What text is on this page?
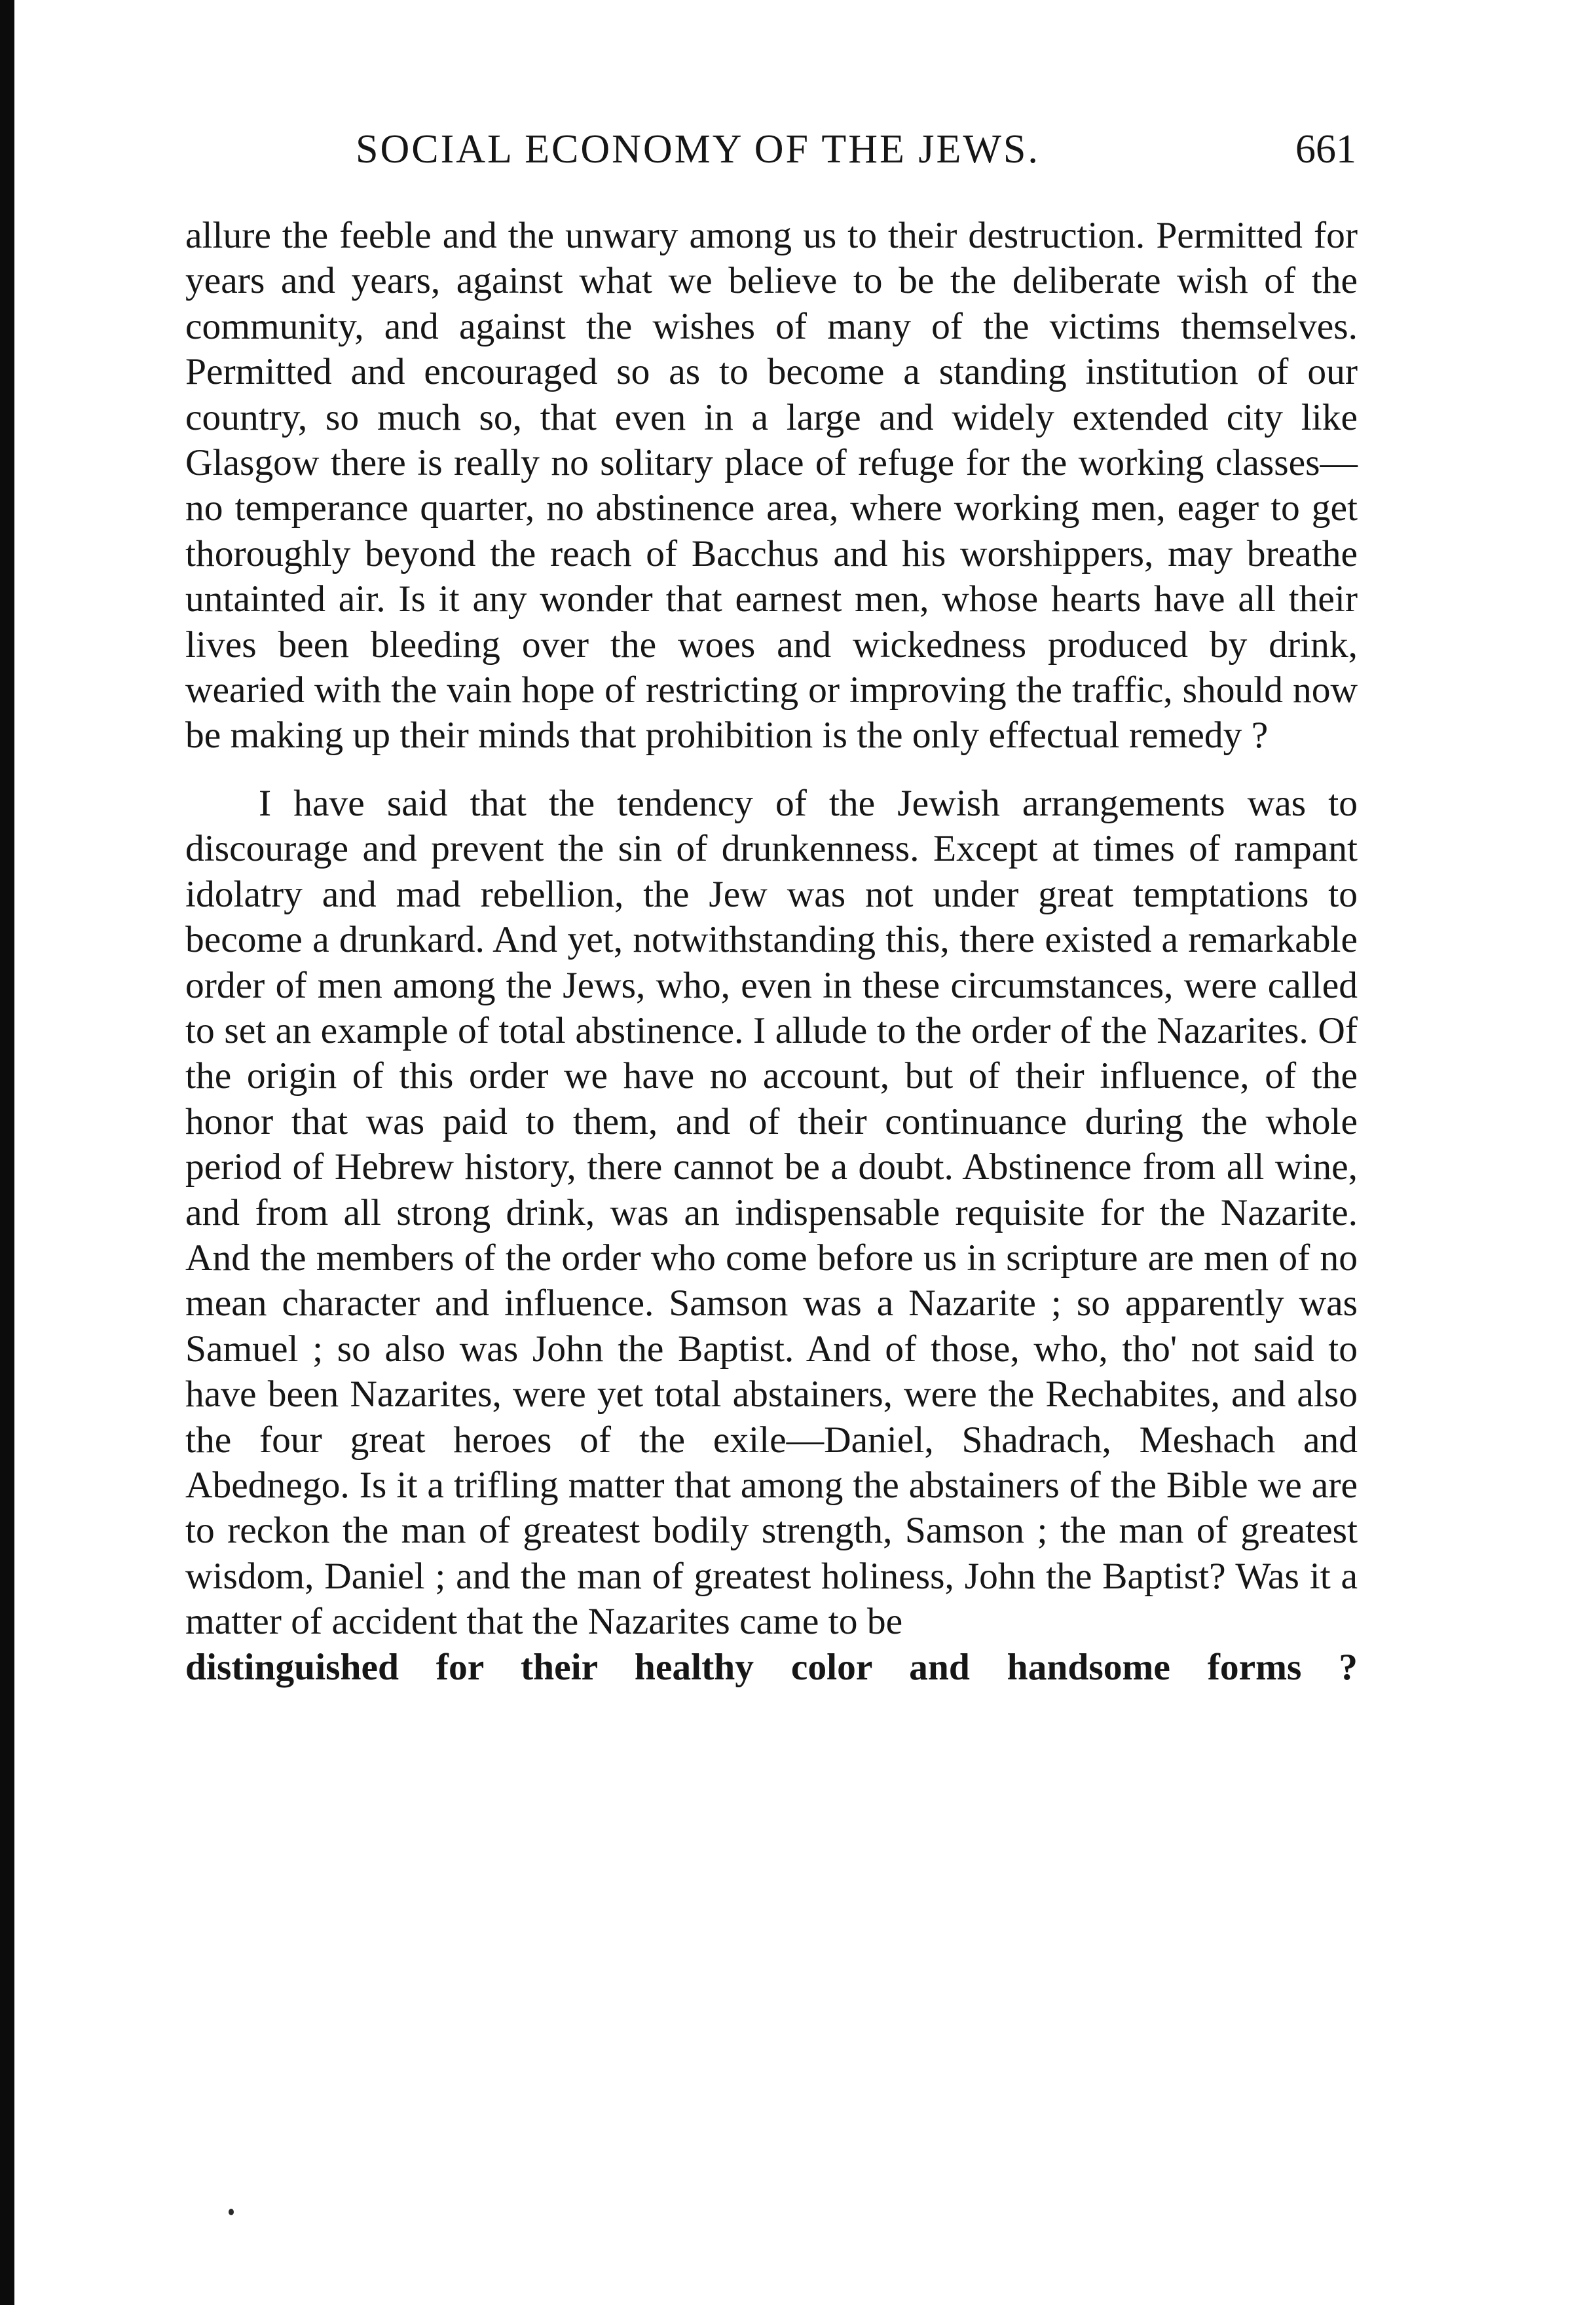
SOCIAL ECONOMY OF THE JEWS.	661

allure the feeble and the unwary among us to their destruction. Permitted for years and years, against what we believe to be the deliberate wish of the community, and against the wishes of many of the victims themselves. Permitted and encouraged so as to become a standing institution of our country, so much so, that even in a large and widely extended city like Glasgow there is really no solitary place of refuge for the working classes—no temperance quarter, no abstinence area, where working men, eager to get thoroughly beyond the reach of Bacchus and his worshippers, may breathe untainted air. Is it any wonder that earnest men, whose hearts have all their lives been bleeding over the woes and wickedness produced by drink, wearied with the vain hope of restricting or improving the traffic, should now be making up their minds that prohibition is the only effectual remedy ?

I have said that the tendency of the Jewish arrangements was to discourage and prevent the sin of drunkenness. Except at times of rampant idolatry and mad rebellion, the Jew was not under great temptations to become a drunkard. And yet, notwithstanding this, there existed a remarkable order of men among the Jews, who, even in these circumstances, were called to set an example of total abstinence. I allude to the order of the Nazarites. Of the origin of this order we have no account, but of their influence, of the honor that was paid to them, and of their continuance during the whole period of Hebrew history, there cannot be a doubt. Abstinence from all wine, and from all strong drink, was an indispensable requisite for the Nazarite. And the members of the order who come before us in scripture are men of no mean character and influence. Samson was a Nazarite ; so apparently was Samuel ; so also was John the Baptist. And of those, who, tho' not said to have been Nazarites, were yet total abstainers, were the Rechabites, and also the four great heroes of the exile—Daniel, Shadrach, Meshach and Abednego. Is it a trifling matter that among the abstainers of the Bible we are to reckon the man of greatest bodily strength, Samson ; the man of greatest wisdom, Daniel ; and the man of greatest holiness, John the Baptist? Was it a matter of accident that the Nazarites came to be

distinguished for their healthy color and handsome forms ?
